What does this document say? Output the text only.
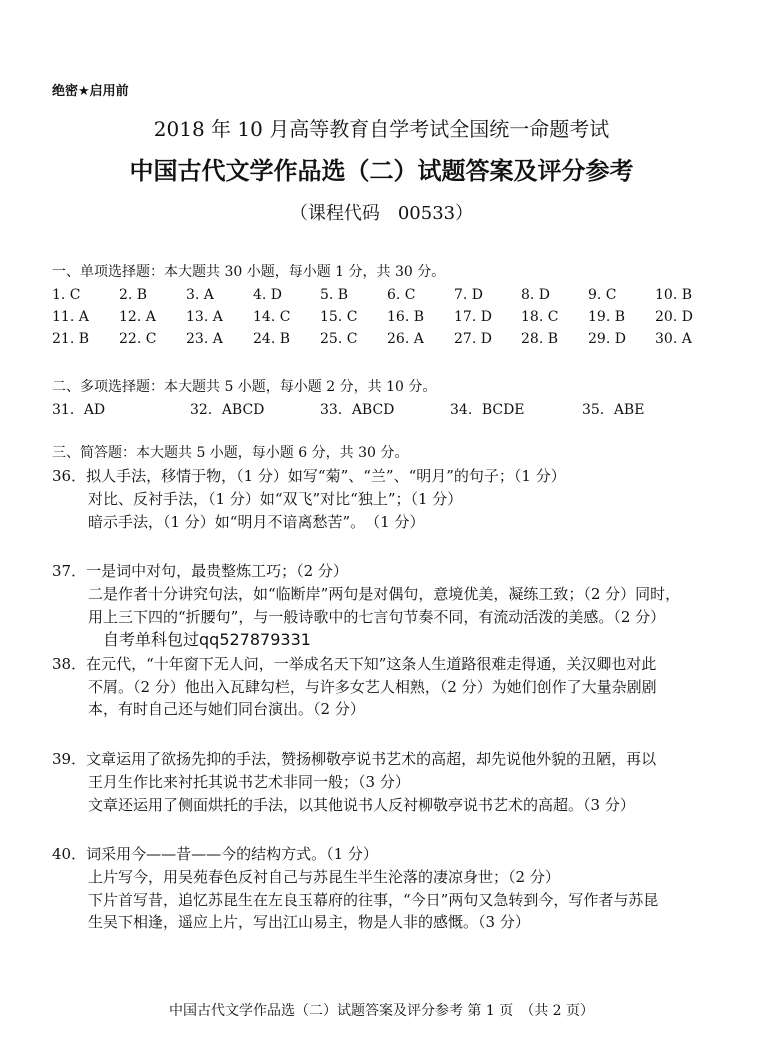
绝密★启用前
2018 年 10 月高等教育自学考试全国统一命题考试
中国古代文学作品选（二）试题答案及评分参考
（课程代码　00533）
一、单项选择题：本大题共 30 小题，每小题 1 分，共 30 分。
1. C	2. B	3. A	4. D	5. B	6. C	7. D	8. D	9. C	10. B
11. A 12. A 13. A 14. C 15. C 16. B 17. D 18. C 19. B 20. D
21. B 22. C 23. A 24. B 25. C 26. A 27. D 28. B 29. D 30. A
二、多项选择题：本大题共 5 小题，每小题 2 分，共 10 分。
31．AD	32．ABCD	33．ABCD	34．BCDE	35．ABE
三、简答题：本大题共 5 小题，每小题 6 分，共 30 分。
36．拟人手法，移情于物，（1 分）如写“菊”、“兰”、“明月”的句子；（1 分）
对比、反衬手法，（1 分）如“双飞”对比“独上”；（1 分）
暗示手法，（1 分）如“明月不谙离愁苦”。　（1 分）
37．一是词中对句，最贵整炼工巧；（2 分）
二是作者十分讲究句法，如“临断岸”两句是对偶句，意境优美，凝练工致；（2 分）同时，
用上三下四的“折腰句”，与一般诗歌中的七言句节奏不同，有流动活泼的美感。（2 分）
自考单科包过qq527879331
38．在元代，“十年窗下无人问，一举成名天下知”这条人生道路很难走得通，关汉卿也对此
不屑。（2 分）他出入瓦肆勾栏，与许多女艺人相熟，（2 分）为她们创作了大量杂剧剧
本，有时自己还与她们同台演出。（2 分）
39．文章运用了欲扬先抑的手法，赞扬柳敬亭说书艺术的高超，却先说他外貌的丑陋，再以
王月生作比来衬托其说书艺术非同一般；（3 分）
文章还运用了侧面烘托的手法，以其他说书人反衬柳敬亭说书艺术的高超。（3 分）
40．词采用今——昔——今的结构方式。（1 分）
上片写今，用吴苑春色反衬自己与苏昆生半生沦落的凄凉身世；（2 分）
下片首写昔，追忆苏昆生在左良玉幕府的往事，“今日”两句又急转到今，写作者与苏昆
生吴下相逢，遥应上片，写出江山易主，物是人非的感慨。（3 分）
中国古代文学作品选（二）试题答案及评分参考 第 1 页　（共 2 页）
